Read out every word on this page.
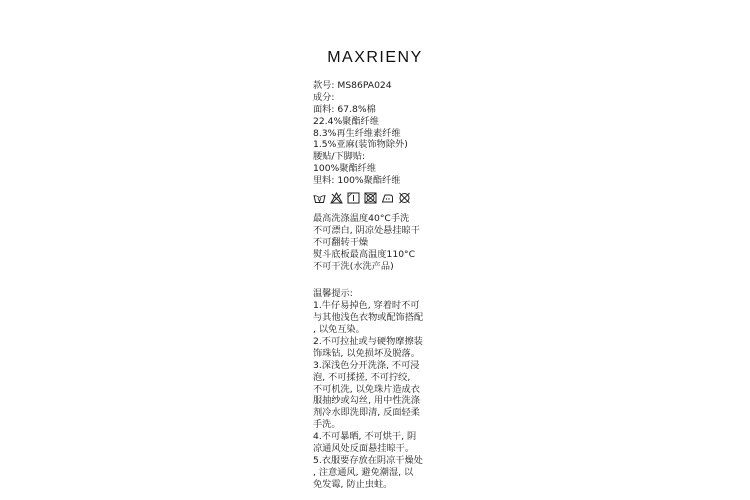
MAXRIENY
款号: MS86PA024
成分:
面料: 67.8%棉
22.4%聚酯纤维
8.3%再生纤维素纤维
1.5%亚麻(装饰物除外)
腰贴/下脚贴:
100%聚酯纤维
里料: 100%聚酯纤维
最高洗涤温度40°C手洗
不可漂白, 阴凉处悬挂晾干
不可翻转干燥
熨斗底板最高温度110°C
不可干洗(水洗产品)
温馨提示:
1.牛仔易掉色, 穿着时不可
与其他浅色衣物或配饰搭配
, 以免互染。
2.不可拉扯或与硬物摩擦装
饰珠钻, 以免损坏及脱落。
3.深浅色分开洗涤, 不可浸
泡, 不可揉搓, 不可拧绞,
不可机洗, 以免珠片造成衣
服抽纱或勾丝, 用中性洗涤
剂冷水即洗即清, 反面轻柔
手洗。
4.不可暴晒, 不可烘干, 阴
凉通风处反面悬挂晾干。
5.衣服要存放在阴凉干燥处
, 注意通风, 避免潮湿, 以
免发霉, 防止虫蛀。
